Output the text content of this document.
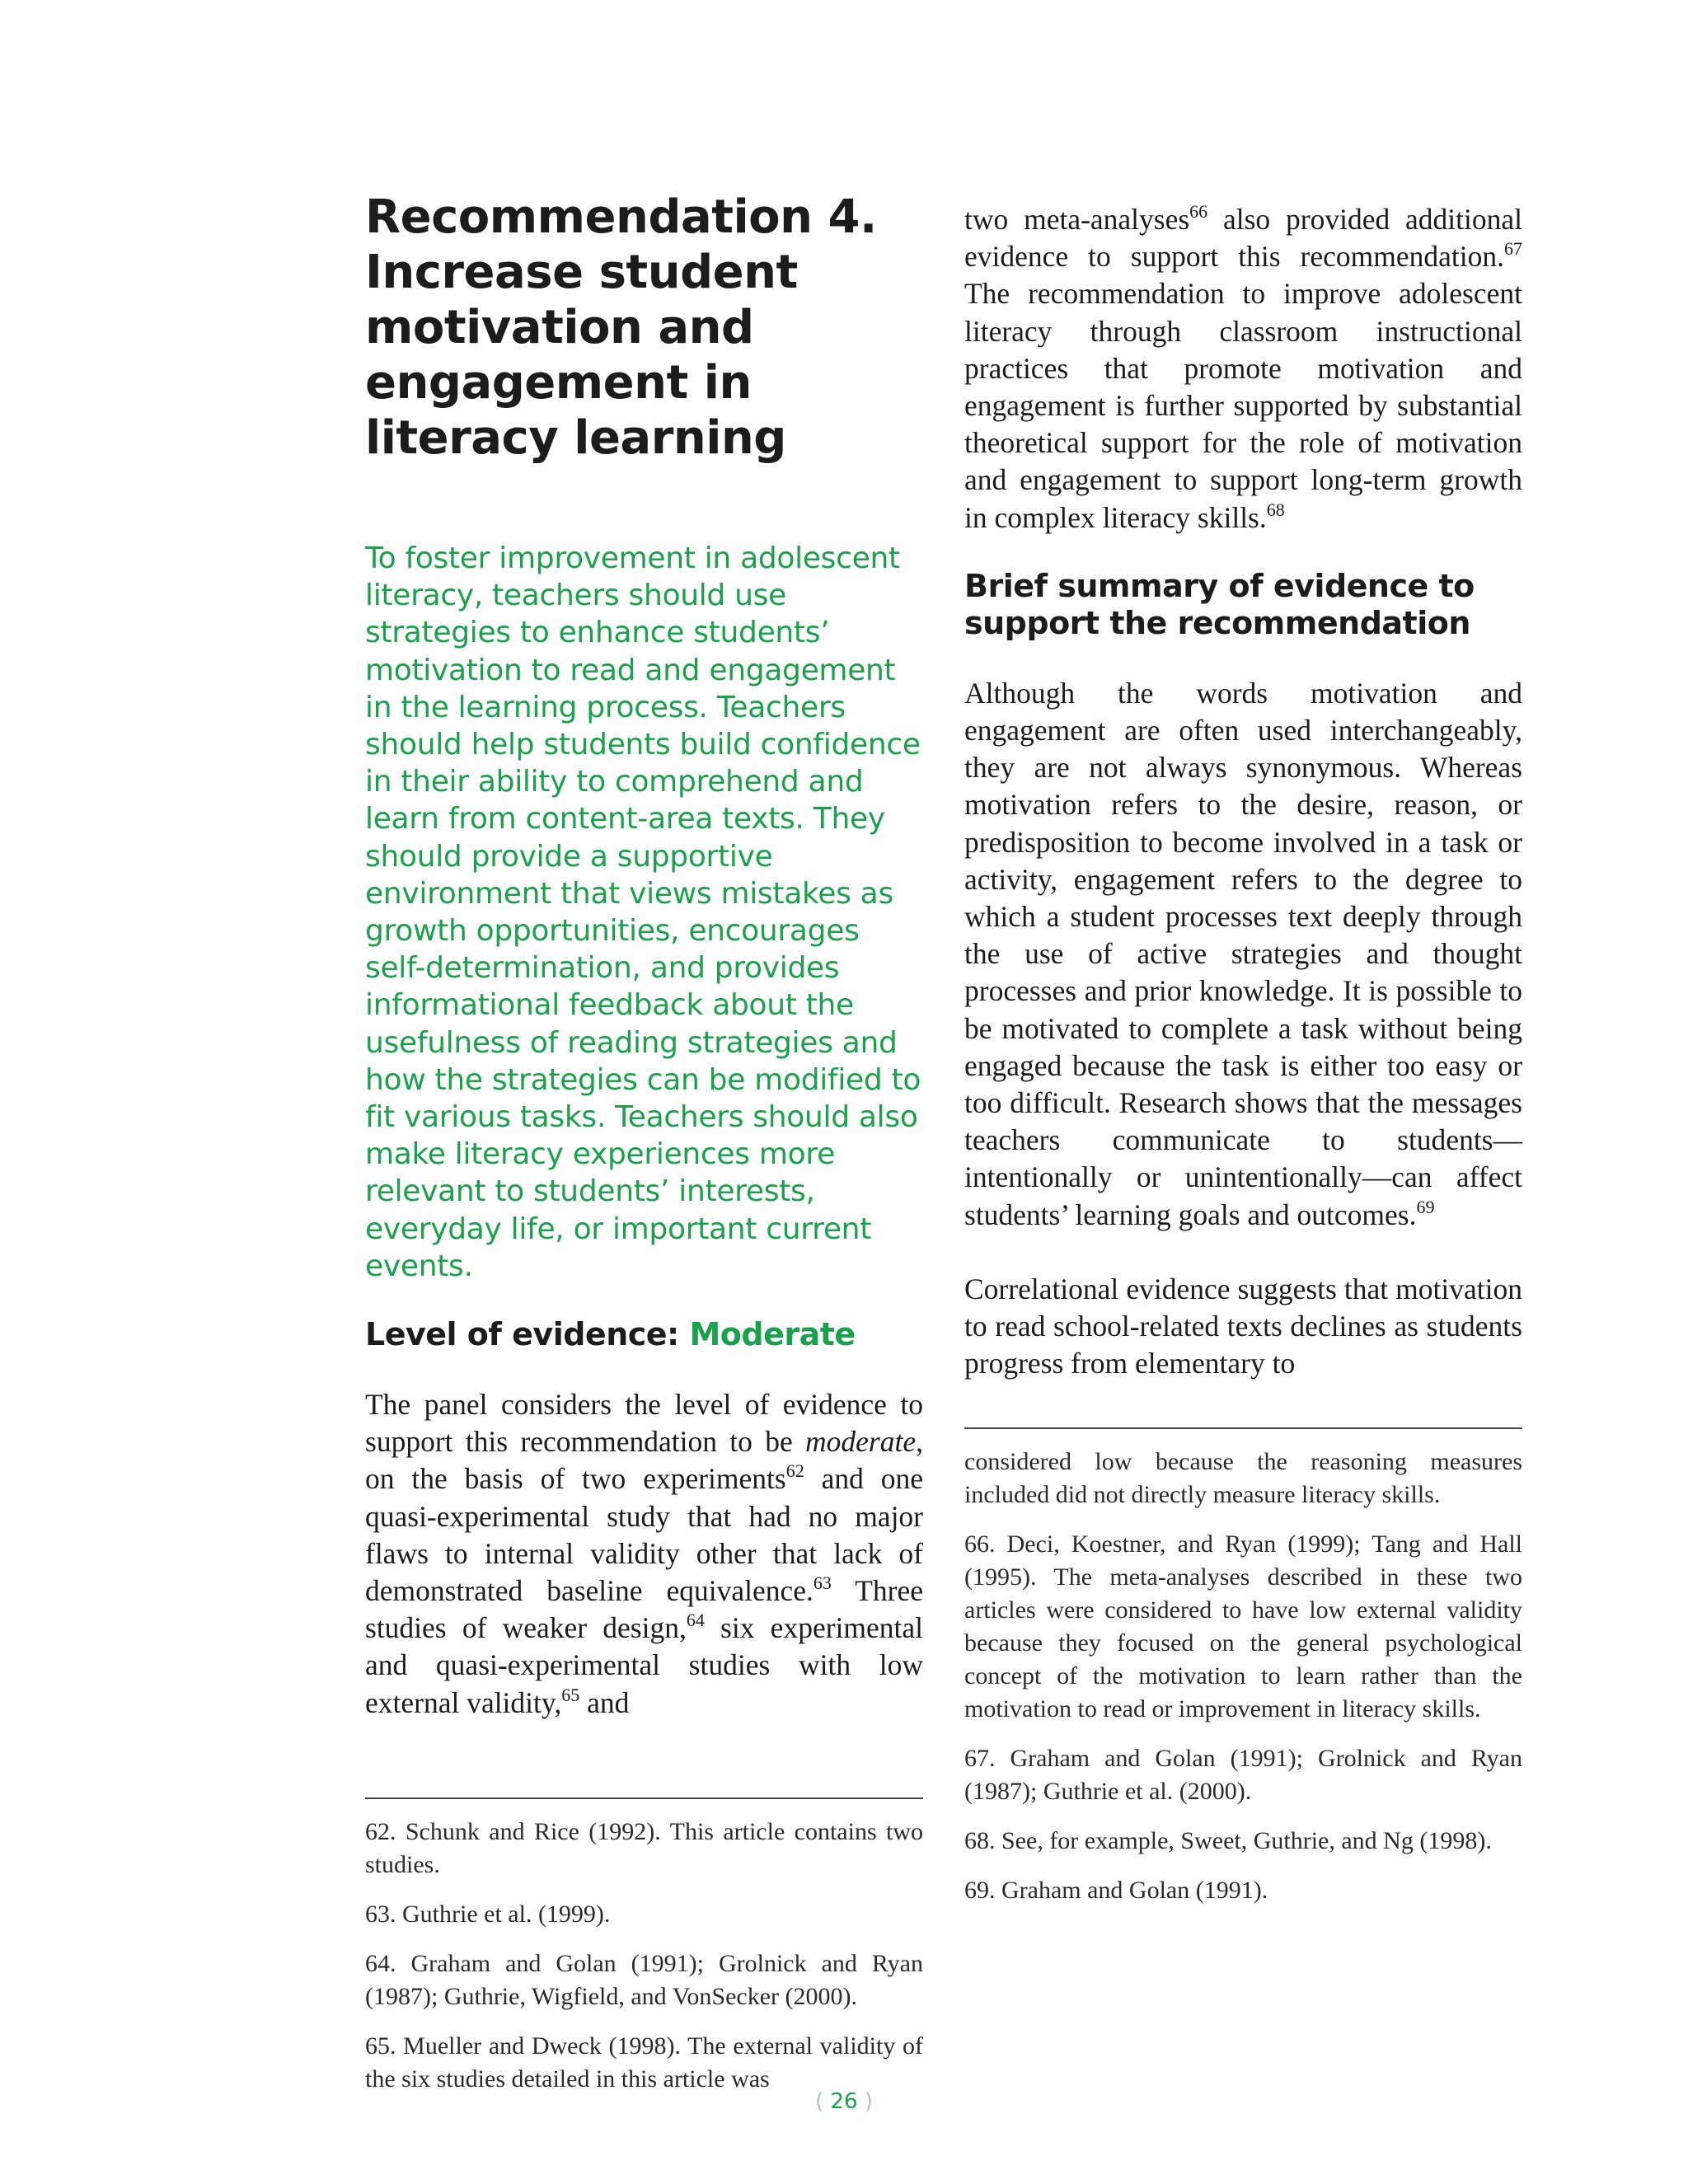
Recommendation 4.
Increase student
motivation and
engagement in
literacy learning

To foster improvement in adolescent literacy, teachers should use strategies to enhance students’ motivation to read and engagement in the learning process. Teachers should help students build confidence in their ability to comprehend and learn from content-area texts. They should provide a supportive environment that views mistakes as growth opportunities, encourages self-determination, and provides informational feedback about the usefulness of reading strategies and how the strategies can be modified to fit various tasks. Teachers should also make literacy experiences more relevant to students’ interests, everyday life, or important current events.

Level of evidence: Moderate

The panel considers the level of evidence to support this recommendation to be moderate, on the basis of two experiments$^{62}$ and one quasi-experimental study that had no major flaws to internal validity other that lack of demonstrated baseline equivalence.$^{63}$ Three studies of weaker design,$^{64}$ six experimental and quasi-experimental studies with low external validity,$^{65}$ and

62. Schunk and Rice (1992). This article contains two studies.

63. Guthrie et al. (1999).

64. Graham and Golan (1991); Grolnick and Ryan (1987); Guthrie, Wigfield, and VonSecker (2000).

65. Mueller and Dweck (1998). The external validity of the six studies detailed in this article was

two meta-analyses$^{66}$ also provided additional evidence to support this recommendation.$^{67}$ The recommendation to improve adolescent literacy through classroom instructional practices that promote motivation and engagement is further supported by substantial theoretical support for the role of motivation and engagement to support long-term growth in complex literacy skills.$^{68}$

Brief summary of evidence to
support the recommendation

Although the words motivation and engagement are often used interchangeably, they are not always synonymous. Whereas motivation refers to the desire, reason, or predisposition to become involved in a task or activity, engagement refers to the degree to which a student processes text deeply through the use of active strategies and thought processes and prior knowledge. It is possible to be motivated to complete a task without being engaged because the task is either too easy or too difficult. Research shows that the messages teachers communicate to students—intentionally or unintentionally—can affect students’ learning goals and outcomes.$^{69}$

Correlational evidence suggests that motivation to read school-related texts declines as students progress from elementary to

considered low because the reasoning measures included did not directly measure literacy skills.

66. Deci, Koestner, and Ryan (1999); Tang and Hall (1995). The meta-analyses described in these two articles were considered to have low external validity because they focused on the general psychological concept of the motivation to learn rather than the motivation to read or improvement in literacy skills.

67. Graham and Golan (1991); Grolnick and Ryan (1987); Guthrie et al. (2000).

68. See, for example, Sweet, Guthrie, and Ng (1998).

69. Graham and Golan (1991).

( 26 )
